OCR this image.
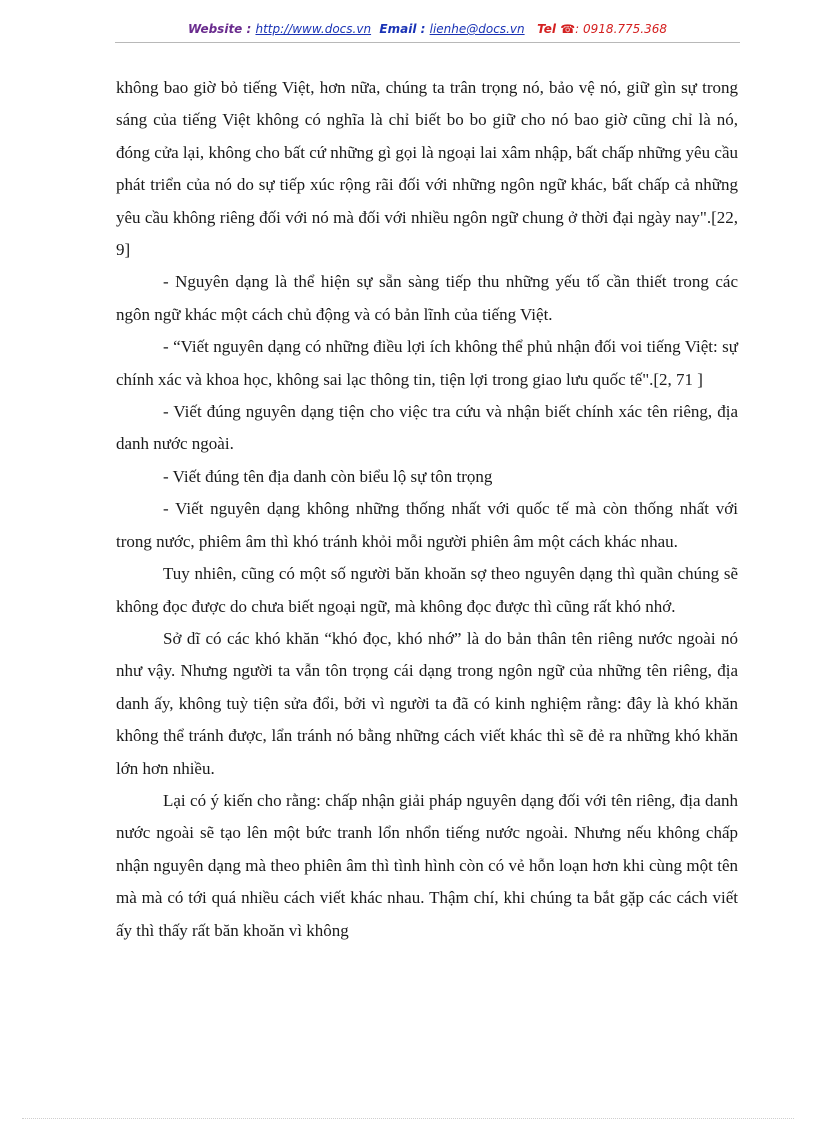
Website : http://www.docs.vn Email : lienhe@docs.vn Tel ☎: 0918.775.368

không bao giờ bỏ tiếng Việt, hơn nữa, chúng ta trân trọng nó, bảo vệ nó, giữ gìn sự trong sáng của tiếng Việt không có nghĩa là chỉ biết bo bo giữ cho nó bao giờ cũng chỉ là nó, đóng cửa lại, không cho bất cứ những gì gọi là ngoại lai xâm nhập, bất chấp những yêu cầu phát triển của nó do sự tiếp xúc rộng rãi đối với những ngôn ngữ khác, bất chấp cả những yêu cầu không riêng đối với nó mà đối với nhiều ngôn ngữ chung ở thời đại ngày nay".[22, 9]

- Nguyên dạng là thể hiện sự sẵn sàng tiếp thu những yếu tố cần thiết trong các ngôn ngữ khác một cách chủ động và có bản lĩnh của tiếng Việt.

- “Viết nguyên dạng có những điều lợi ích không thể phủ nhận đối voi tiếng Việt: sự chính xác và khoa học, không sai lạc thông tin, tiện lợi trong giao lưu quốc tế".[2, 71 ]

- Viết đúng nguyên dạng tiện cho việc tra cứu và nhận biết chính xác tên riêng, địa danh nước ngoài.

- Viết đúng tên địa danh còn biểu lộ sự tôn trọng

- Viết nguyên dạng không những thống nhất với quốc tế mà còn thống nhất với trong nước, phiêm âm thì khó tránh khỏi mỗi người phiên âm một cách khác nhau.

Tuy nhiên, cũng có một số người băn khoăn sợ theo nguyên dạng thì quần chúng sẽ không đọc được do chưa biết ngoại ngữ, mà không đọc được thì cũng rất khó nhớ.

Sở dĩ có các khó khăn “khó đọc, khó nhớ” là do bản thân tên riêng nước ngoài nó như vậy. Nhưng người ta vẫn tôn trọng cái dạng trong ngôn ngữ của những tên riêng, địa danh ấy, không tuỳ tiện sửa đổi, bởi vì người ta đã có kinh nghiệm rằng: đây là khó khăn không thể tránh được, lẩn tránh nó bằng những cách viết khác thì sẽ đẻ ra những khó khăn lớn hơn nhiều.

Lại có ý kiến cho rằng: chấp nhận giải pháp nguyên dạng đối với tên riêng, địa danh nước ngoài sẽ tạo lên một bức tranh lổn nhổn tiếng nước ngoài. Nhưng nếu không chấp nhận nguyên dạng mà theo phiên âm thì tình hình còn có vẻ hỗn loạn hơn khi cùng một tên mà mà có tới quá nhiều cách viết khác nhau. Thậm chí, khi chúng ta bắt gặp các cách viết ấy thì thấy rất băn khoăn vì không
